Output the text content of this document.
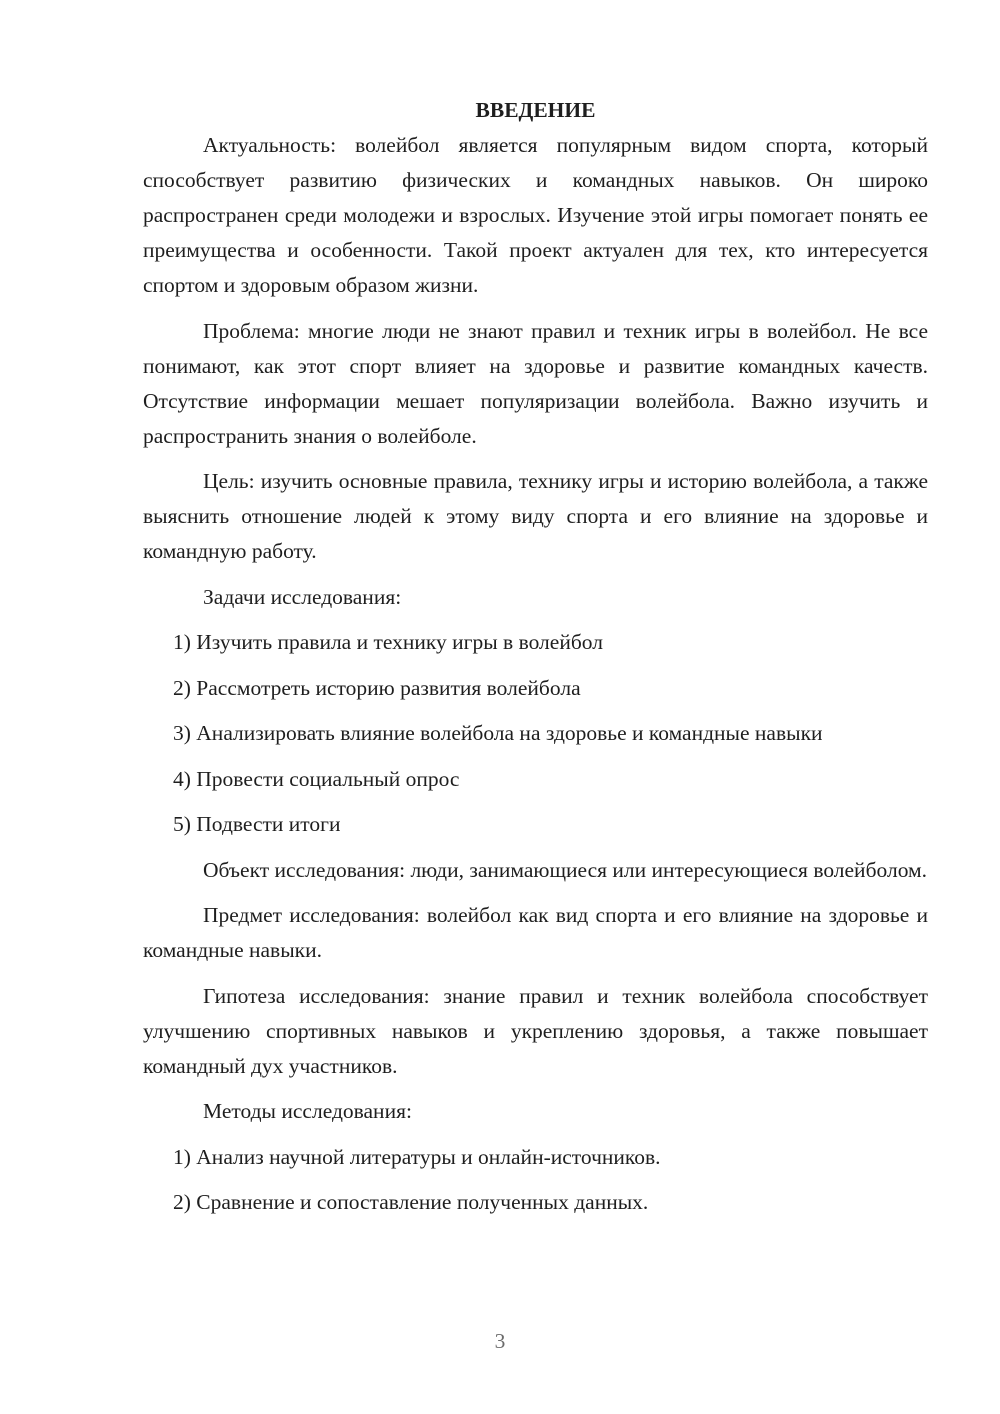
ВВЕДЕНИЕ

Актуальность: волейбол является популярным видом спорта, который способствует развитию физических и командных навыков. Он широко распространен среди молодежи и взрослых. Изучение этой игры помогает понять ее преимущества и особенности. Такой проект актуален для тех, кто интересуется спортом и здоровым образом жизни.

Проблема: многие люди не знают правил и техник игры в волейбол. Не все понимают, как этот спорт влияет на здоровье и развитие командных качеств. Отсутствие информации мешает популяризации волейбола. Важно изучить и распространить знания о волейболе.

Цель: изучить основные правила, технику игры и историю волейбола, а также выяснить отношение людей к этому виду спорта и его влияние на здоровье и командную работу.

Задачи исследования:

1) Изучить правила и технику игры в волейбол

2) Рассмотреть историю развития волейбола

3) Анализировать влияние волейбола на здоровье и командные навыки

4) Провести социальный опрос

5) Подвести итоги

Объект исследования: люди, занимающиеся или интересующиеся волейболом.

Предмет исследования: волейбол как вид спорта и его влияние на здоровье и командные навыки.

Гипотеза исследования: знание правил и техник волейбола способствует улучшению спортивных навыков и укреплению здоровья, а также повышает командный дух участников.

Методы исследования:

1) Анализ научной литературы и онлайн-источников.

2) Сравнение и сопоставление полученных данных.

3
